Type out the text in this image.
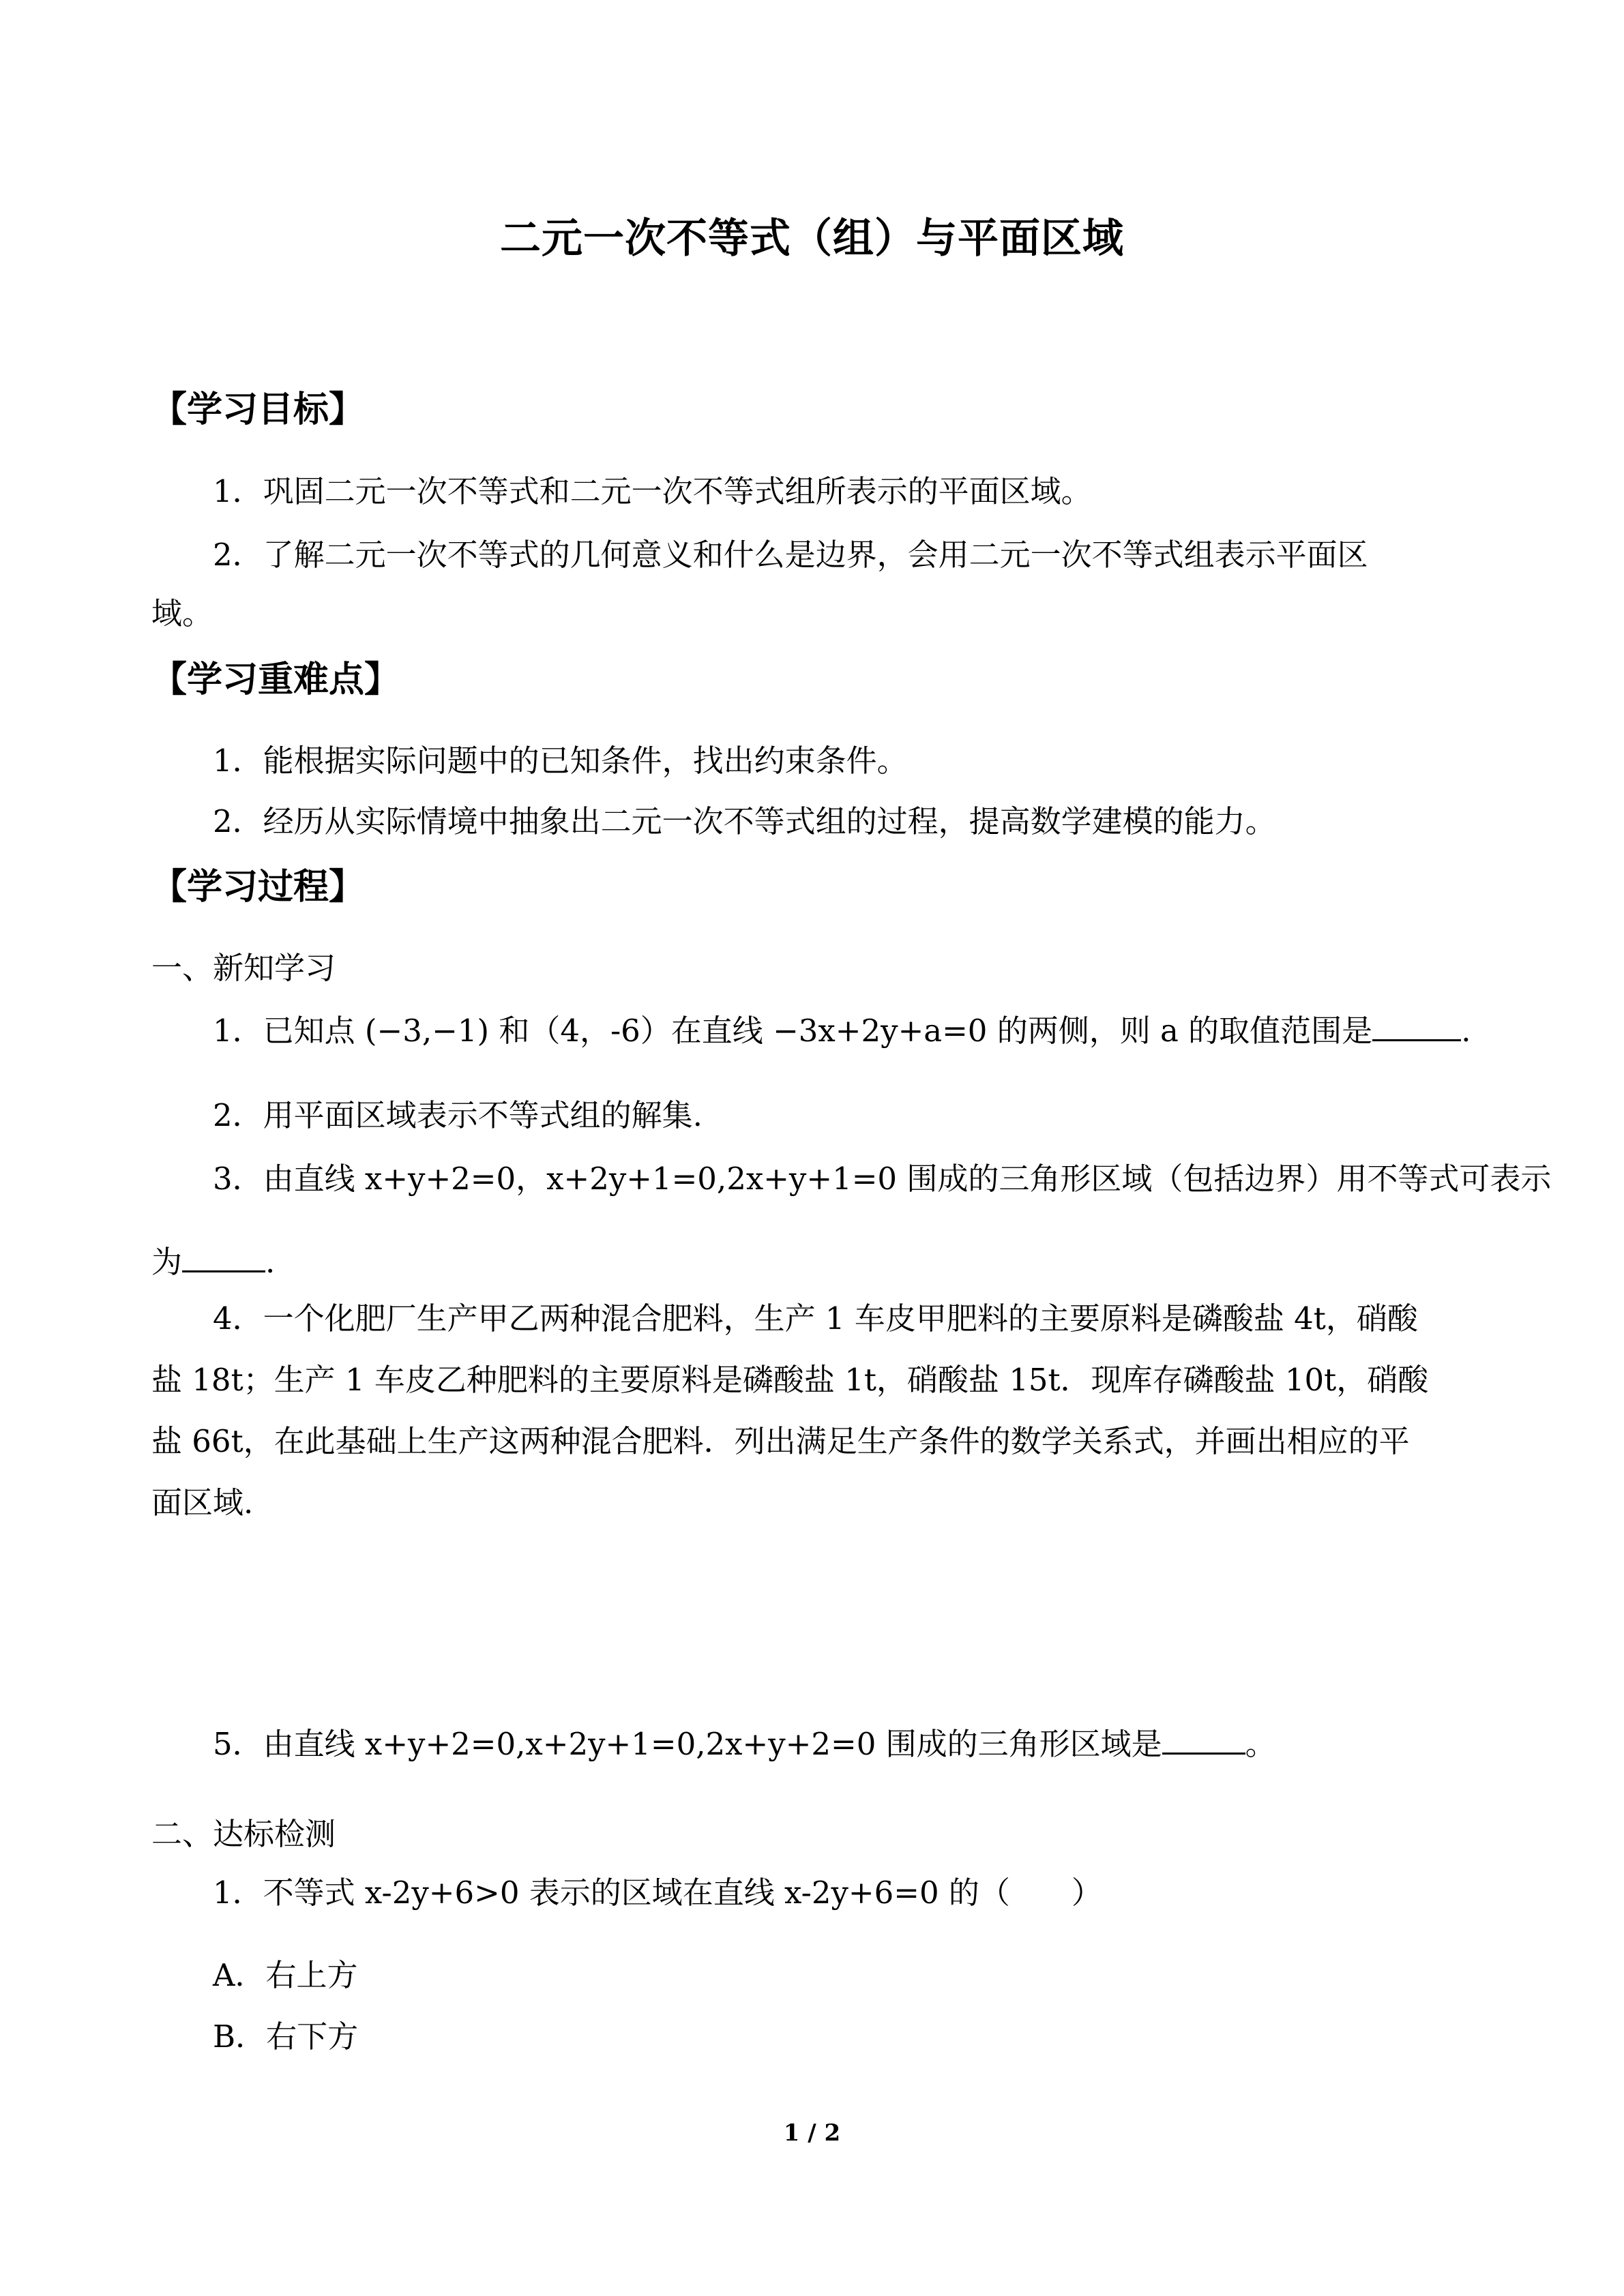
二元一次不等式（组）与平面区域
【学习目标】
1．巩固二元一次不等式和二元一次不等式组所表示的平面区域。
2．了解二元一次不等式的几何意义和什么是边界，会用二元一次不等式组表示平面区
域。
【学习重难点】
1．能根据实际问题中的已知条件，找出约束条件。
2．经历从实际情境中抽象出二元一次不等式组的过程，提高数学建模的能力。
【学习过程】
一、新知学习
1．已知点 (−3,−1) 和（4，-6）在直线 −3x+2y+a=0 的两侧，则 a 的取值范围是	.
2．用平面区域表示不等式组的解集.
3．由直线 x+y+2=0，x+2y+1=0,2x+y+1=0 围成的三角形区域（包括边界）用不等式可表示
为	.
4．一个化肥厂生产甲乙两种混合肥料，生产 1 车皮甲肥料的主要原料是磷酸盐 4t，硝酸
盐 18t；生产 1 车皮乙种肥料的主要原料是磷酸盐 1t，硝酸盐 15t．现库存磷酸盐 10t，硝酸
盐 66t，在此基础上生产这两种混合肥料．列出满足生产条件的数学关系式，并画出相应的平
面区域.
5．由直线 x+y+2=0,x+2y+1=0,2x+y+2=0 围成的三角形区域是	。
二、达标检测
1．不等式 x-2y+6>0 表示的区域在直线 x-2y+6=0 的（　　）
A．右上方
B．右下方
1 / 2
